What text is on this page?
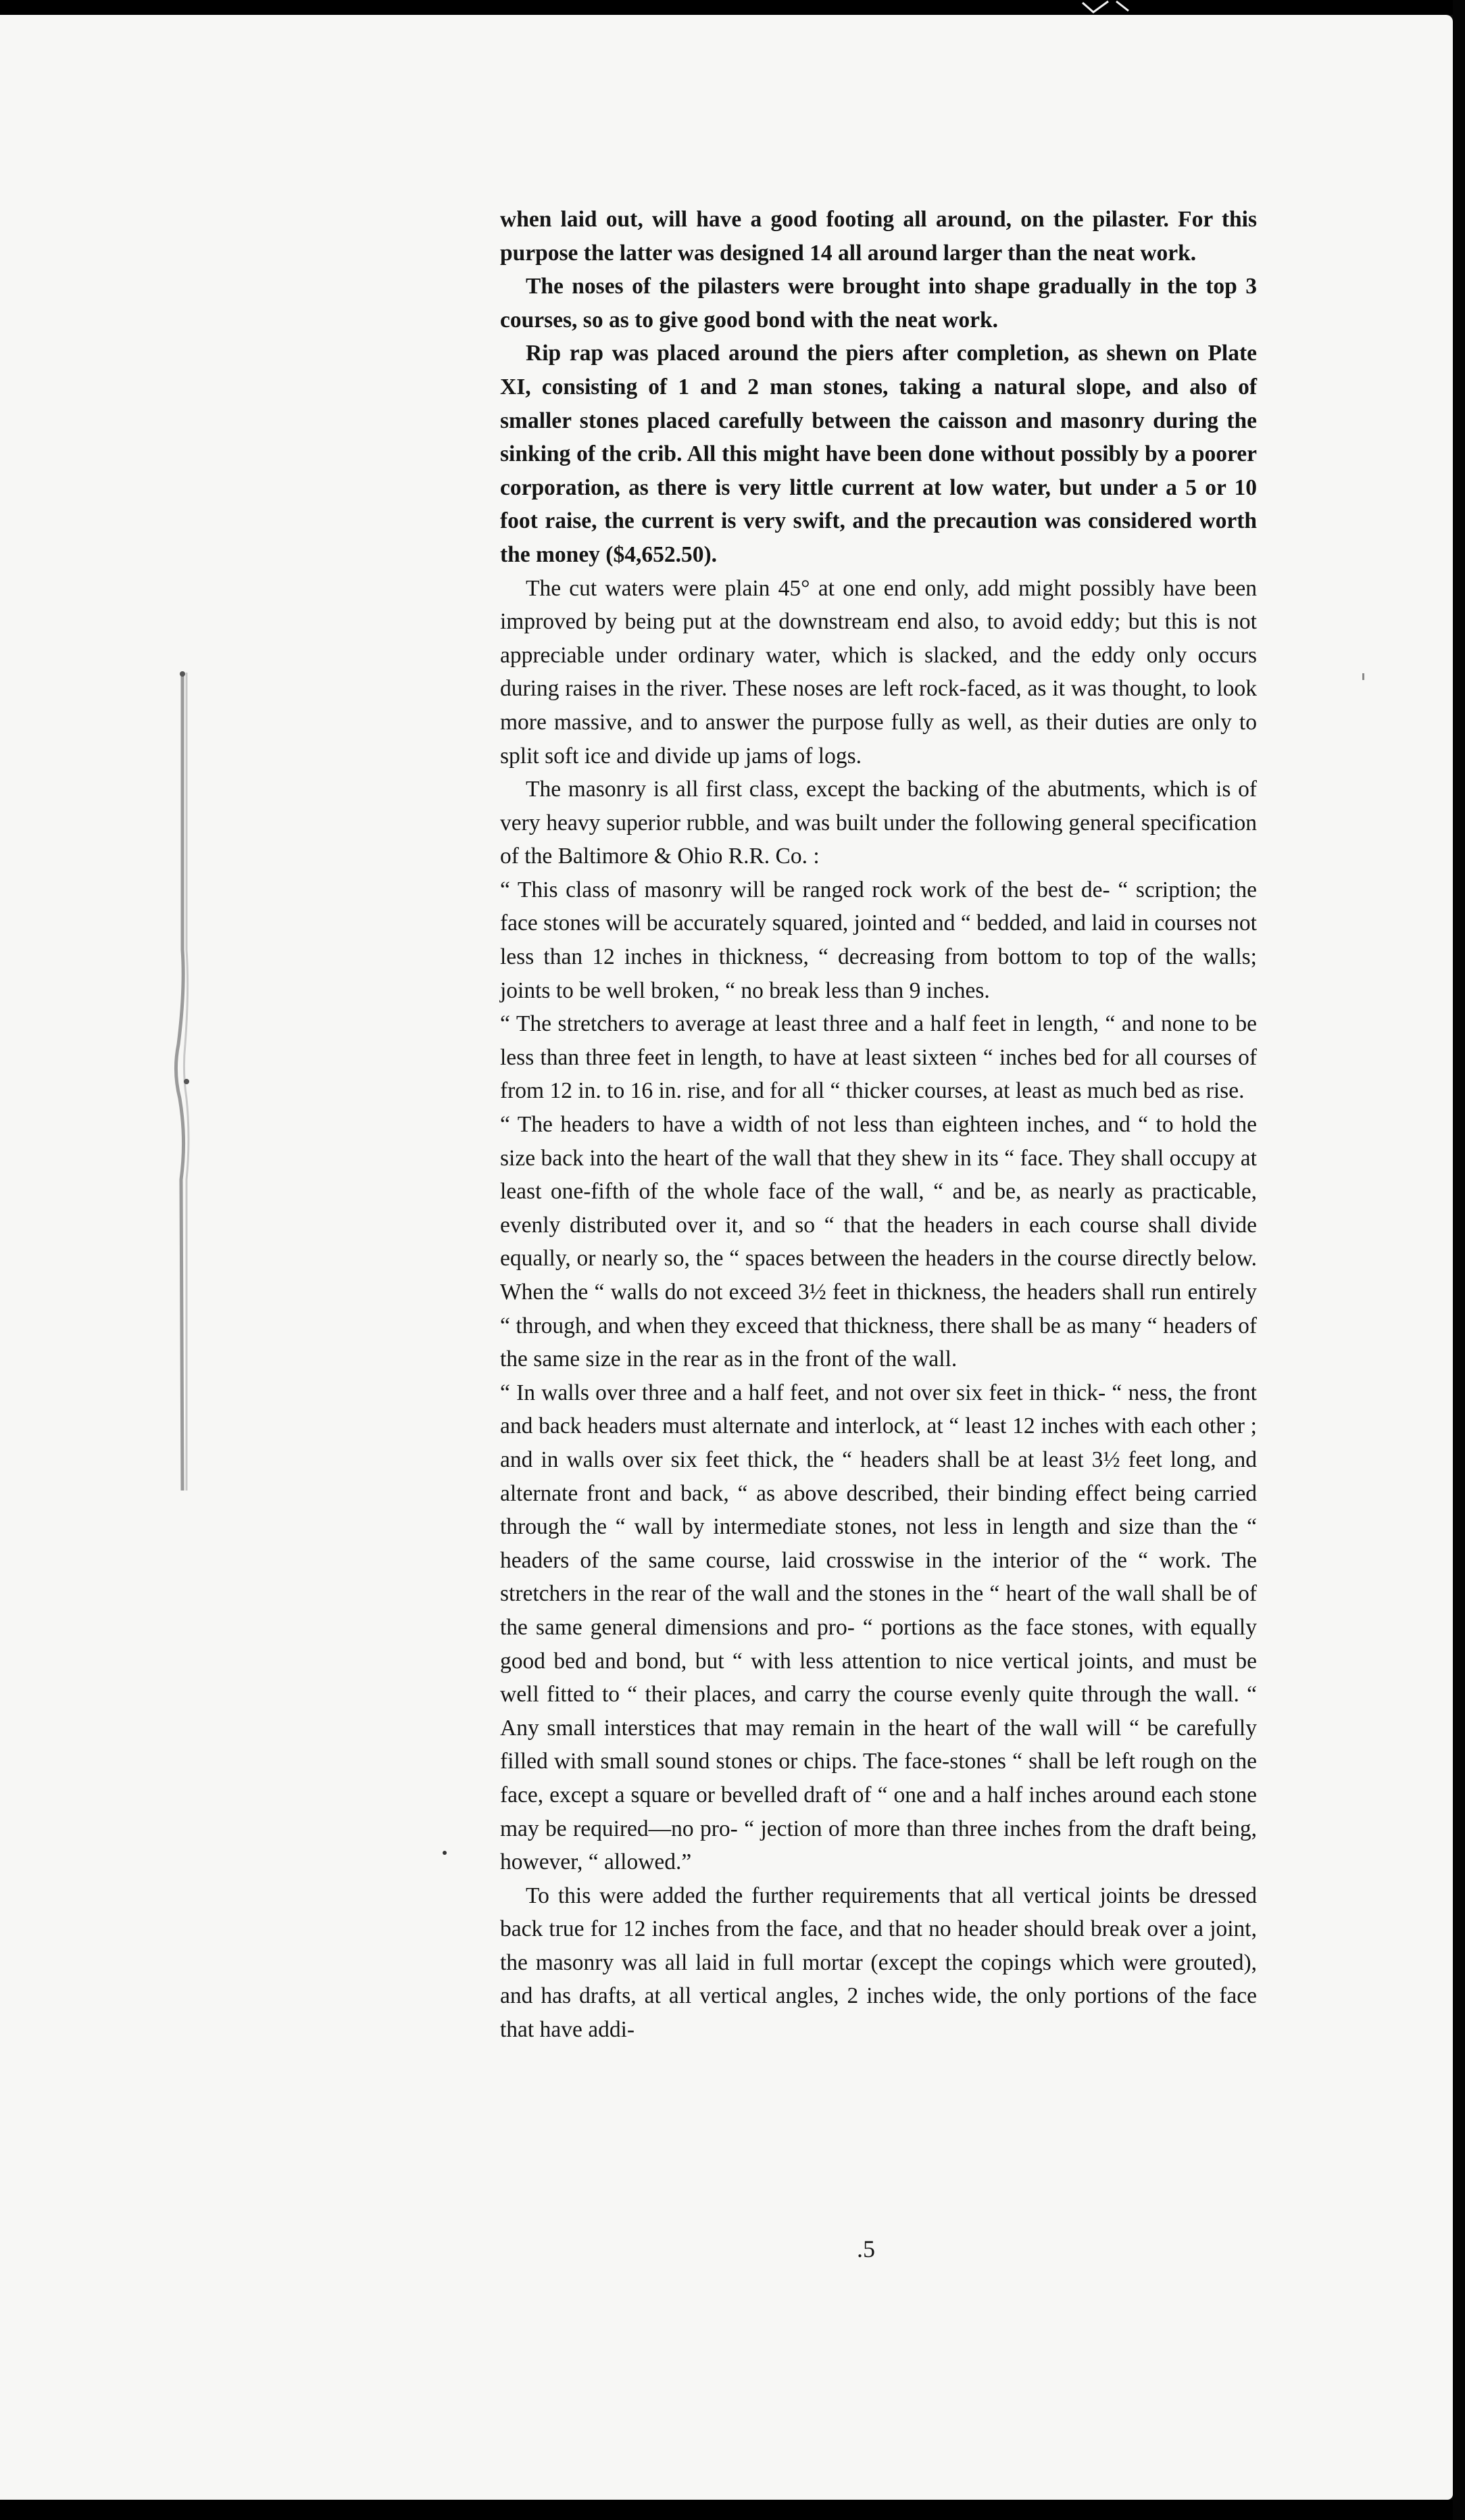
when laid out, will have a good footing all around, on the pilaster. For this purpose the latter was designed 14 all around larger than the neat work.

The noses of the pilasters were brought into shape gradually in the top 3 courses, so as to give good bond with the neat work.

Rip rap was placed around the piers after completion, as shewn on Plate XI, consisting of 1 and 2 man stones, taking a natural slope, and also of smaller stones placed carefully between the caisson and masonry during the sinking of the crib. All this might have been done without possibly by a poorer corporation, as there is very little current at low water, but under a 5 or 10 foot raise, the current is very swift, and the precaution was considered worth the money ($4,652.50).

The cut waters were plain 45° at one end only, add might possibly have been improved by being put at the downstream end also, to avoid eddy; but this is not appreciable under ordinary water, which is slacked, and the eddy only occurs during raises in the river. These noses are left rock-faced, as it was thought, to look more massive, and to answer the purpose fully as well, as their duties are only to split soft ice and divide up jams of logs.

The masonry is all first class, except the backing of the abutments, which is of very heavy superior rubble, and was built under the following general specification of the Baltimore & Ohio R.R. Co. :

“ This class of masonry will be ranged rock work of the best de- “ scription; the face stones will be accurately squared, jointed and “ bedded, and laid in courses not less than 12 inches in thickness, “ decreasing from bottom to top of the walls; joints to be well broken, “ no break less than 9 inches.

“ The stretchers to average at least three and a half feet in length, “ and none to be less than three feet in length, to have at least sixteen “ inches bed for all courses of from 12 in. to 16 in. rise, and for all “ thicker courses, at least as much bed as rise.

“ The headers to have a width of not less than eighteen inches, and “ to hold the size back into the heart of the wall that they shew in its “ face. They shall occupy at least one-fifth of the whole face of the wall, “ and be, as nearly as practicable, evenly distributed over it, and so “ that the headers in each course shall divide equally, or nearly so, the “ spaces between the headers in the course directly below. When the “ walls do not exceed 3½ feet in thickness, the headers shall run entirely “ through, and when they exceed that thickness, there shall be as many “ headers of the same size in the rear as in the front of the wall.

“ In walls over three and a half feet, and not over six feet in thick- “ ness, the front and back headers must alternate and interlock, at “ least 12 inches with each other ; and in walls over six feet thick, the “ headers shall be at least 3½ feet long, and alternate front and back, “ as above described, their binding effect being carried through the “ wall by intermediate stones, not less in length and size than the “ headers of the same course, laid crosswise in the interior of the “ work. The stretchers in the rear of the wall and the stones in the “ heart of the wall shall be of the same general dimensions and pro- “ portions as the face stones, with equally good bed and bond, but “ with less attention to nice vertical joints, and must be well fitted to “ their places, and carry the course evenly quite through the wall. “ Any small interstices that may remain in the heart of the wall will “ be carefully filled with small sound stones or chips. The face-stones “ shall be left rough on the face, except a square or bevelled draft of “ one and a half inches around each stone may be required—no pro- “ jection of more than three inches from the draft being, however, “ allowed.”

To this were added the further requirements that all vertical joints be dressed back true for 12 inches from the face, and that no header should break over a joint, the masonry was all laid in full mortar (except the copings which were grouted), and has drafts, at all vertical angles, 2 inches wide, the only portions of the face that have addi-

.5
